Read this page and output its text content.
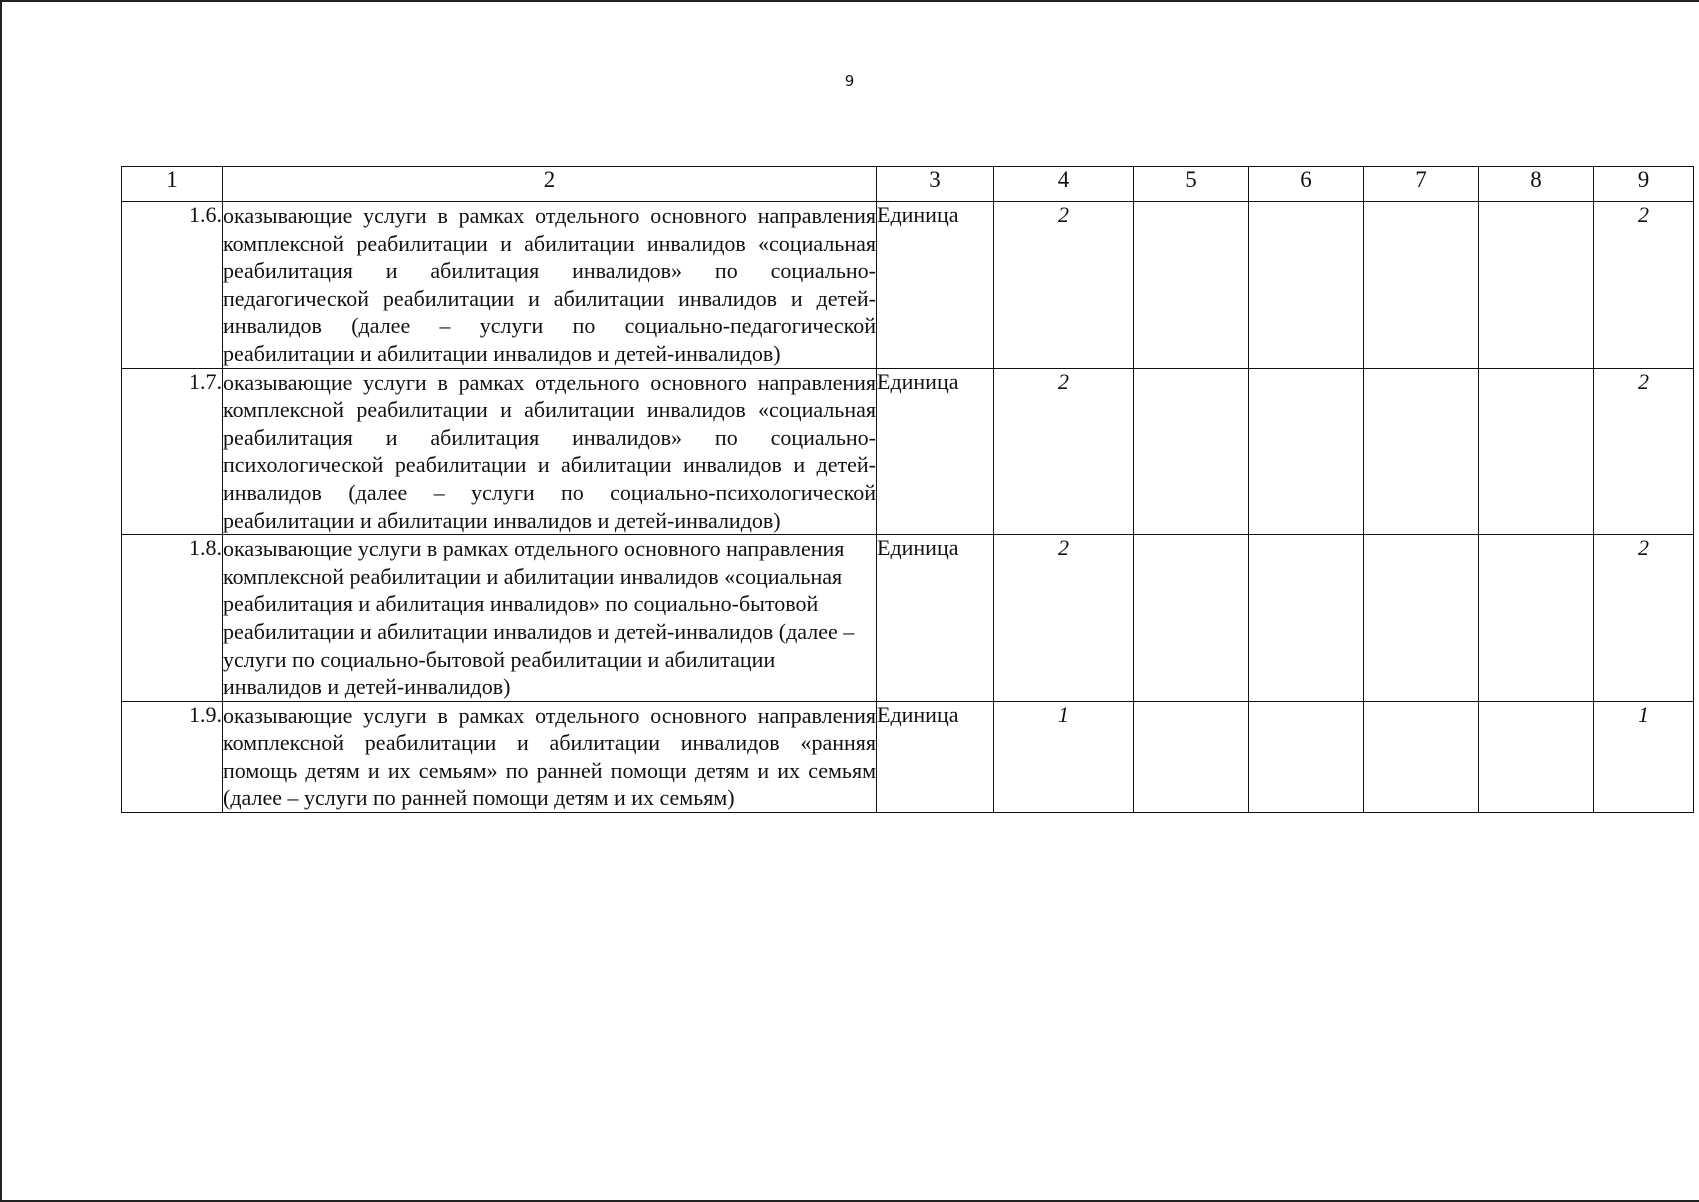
9
1	2	3	4	5	6	7	8	9
1.6.	оказывающие услуги в рамках отдельного основного направления комплексной реабилитации и абилитации инвалидов «социальная реабилитация и абилитация инвалидов» по социально-педагогической реабилитации и абилитации инвалидов и детей-инвалидов (далее – услуги по социально-педагогической реабилитации и абилитации инвалидов и детей-инвалидов)	Единица	2					2
1.7.	оказывающие услуги в рамках отдельного основного направления комплексной реабилитации и абилитации инвалидов «социальная реабилитация и абилитация инвалидов» по социально-психологической реабилитации и абилитации инвалидов и детей-инвалидов (далее – услуги по социально-психологической реабилитации и абилитации инвалидов и детей-инвалидов)	Единица	2					2
1.8.	оказывающие услуги в рамках отдельного основного направления комплексной реабилитации и абилитации инвалидов «социальная реабилитация и абилитация инвалидов» по социально-бытовой реабилитации и абилитации инвалидов и детей-инвалидов (далее – услуги по социально-бытовой реабилитации и абилитации инвалидов и детей-инвалидов)	Единица	2					2
1.9.	оказывающие услуги в рамках отдельного основного направления комплексной реабилитации и абилитации инвалидов «ранняя помощь детям и их семьям» по ранней помощи детям и их семьям (далее – услуги по ранней помощи детям и их семьям)	Единица	1					1
